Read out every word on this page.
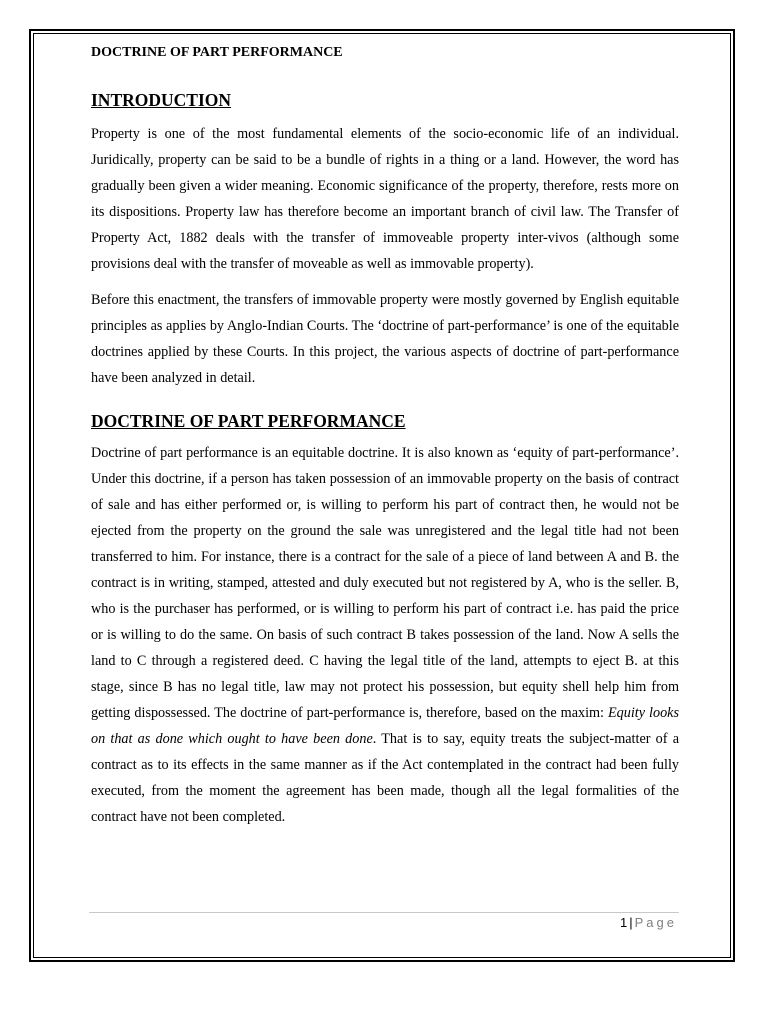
DOCTRINE OF PART PERFORMANCE

INTRODUCTION

Property is one of the most fundamental elements of the socio-economic life of an individual. Juridically, property can be said to be a bundle of rights in a thing or a land. However, the word has gradually been given a wider meaning. Economic significance of the property, therefore, rests more on its dispositions. Property law has therefore become an important branch of civil law. The Transfer of Property Act, 1882 deals with the transfer of immoveable property inter-vivos (although some provisions deal with the transfer of moveable as well as immovable property).

Before this enactment, the transfers of immovable property were mostly governed by English equitable principles as applies by Anglo-Indian Courts. The ‘doctrine of part-performance’ is one of the equitable doctrines applied by these Courts. In this project, the various aspects of doctrine of part-performance have been analyzed in detail.

DOCTRINE OF PART PERFORMANCE

Doctrine of part performance is an equitable doctrine. It is also known as ‘equity of part-performance’. Under this doctrine, if a person has taken possession of an immovable property on the basis of contract of sale and has either performed or, is willing to perform his part of contract then, he would not be ejected from the property on the ground the sale was unregistered and the legal title had not been transferred to him. For instance, there is a contract for the sale of a piece of land between A and B. the contract is in writing, stamped, attested and duly executed but not registered by A, who is the seller. B, who is the purchaser has performed, or is willing to perform his part of contract i.e. has paid the price or is willing to do the same. On basis of such contract B takes possession of the land. Now A sells the land to C through a registered deed. C having the legal title of the land, attempts to eject B. at this stage, since B has no legal title, law may not protect his possession, but equity shell help him from getting dispossessed. The doctrine of part-performance is, therefore, based on the maxim: Equity looks on that as done which ought to have been done. That is to say, equity treats the subject-matter of a contract as to its effects in the same manner as if the Act contemplated in the contract had been fully executed, from the moment the agreement has been made, though all the legal formalities of the contract have not been completed.

1 | Page
